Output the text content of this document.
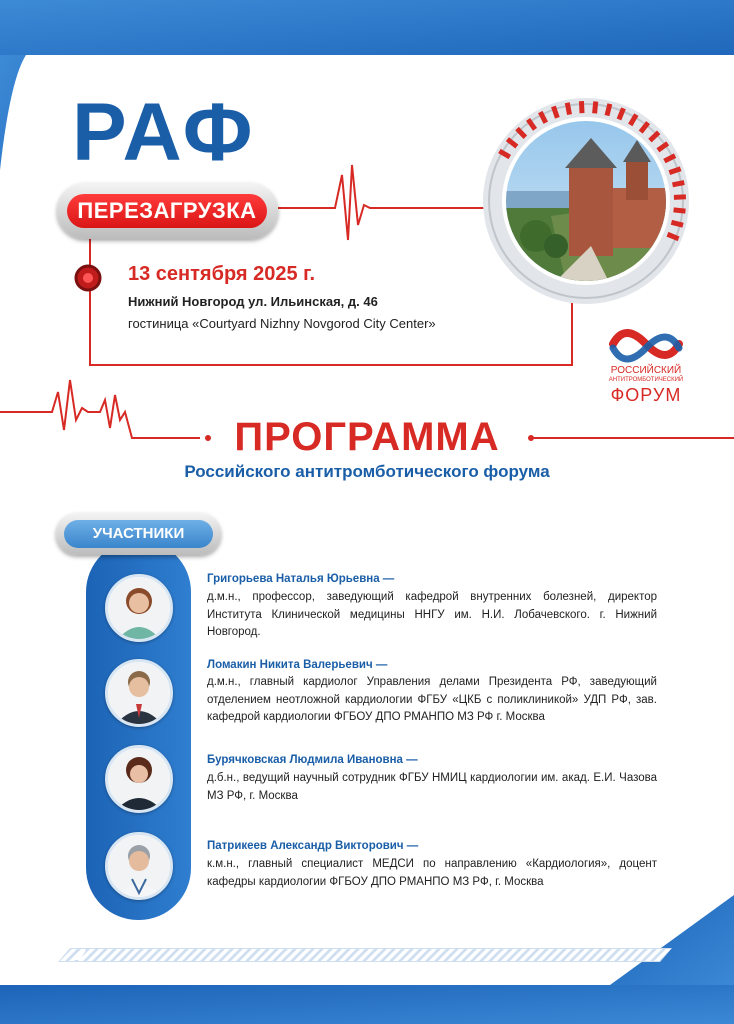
РАФ
ПЕРЕЗАГРУЗКА
13 сентября 2025 г.
Нижний Новгород ул. Ильинская, д. 46
гостиница «Courtyard Nizhny Novgorod City Center»
РОССИЙСКИЙ
АНТИТРОМБОТИЧЕСКИЙ
ФОРУМ
ПРОГРАММА
Российского антитромботического форума
УЧАСТНИКИ
Григорьева Наталья Юрьевна —
д.м.н., профессор, заведующий кафедрой внутренних болезней, директор Института Клинической медицины ННГУ им. Н.И. Лобачевского. г. Нижний Новгород.
Ломакин Никита Валерьевич —
д.м.н., главный кардиолог Управления делами Президента РФ, заведующий отделением неотложной кардиологии ФГБУ «ЦКБ с поликлиникой» УДП РФ, зав. кафедрой кардиологии ФГБОУ ДПО РМАНПО МЗ РФ г. Москва
Бурячковская Людмила Ивановна —
д.б.н., ведущий научный сотрудник ФГБУ НМИЦ кардиологии им. акад. Е.И. Чазова МЗ РФ, г. Москва
Патрикеев Александр Викторович —
к.м.н., главный специалист МЕДСИ по направлению «Кардиология», доцент кафедры кардиологии ФГБОУ ДПО РМАНПО МЗ РФ, г. Москва
